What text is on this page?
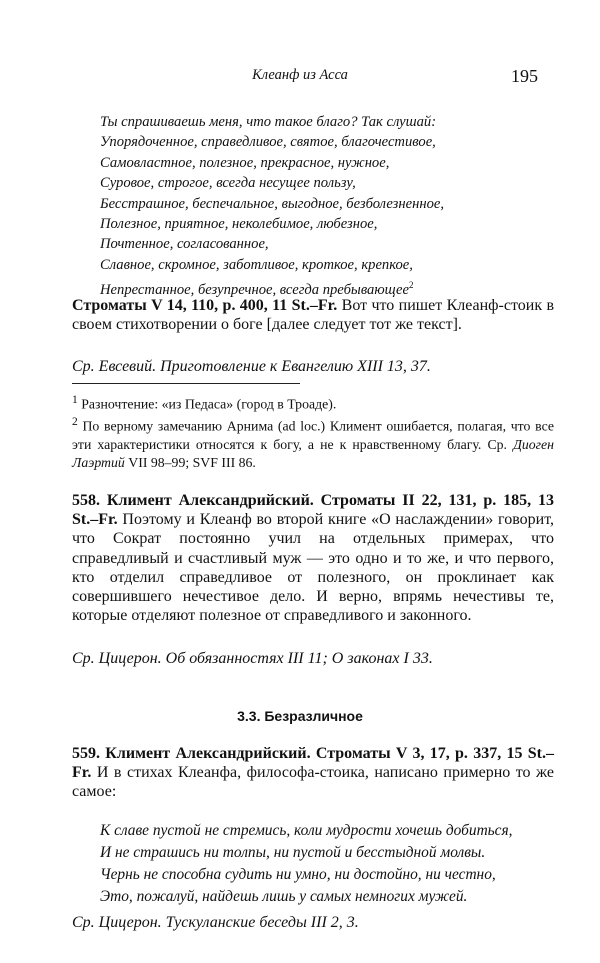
Клеанф из Асса	195
Ты спрашиваешь меня, что такое благо? Так слушай:
Упорядоченное, справедливое, святое, благочестивое,
Самовластное, полезное, прекрасное, нужное,
Суровое, строгое, всегда несущее пользу,
Бесстрашное, беспечальное, выгодное, безболезненное,
Полезное, приятное, неколебимое, любезное,
Почтенное, согласованное,
Славное, скромное, заботливое, кроткое, крепкое,
Непрестанное, безупречное, всегда пребывающее$^2$
Строматы V 14, 110, p. 400, 11 St.–Fr. Вот что пишет Клеанф-стоик в своем стихотворении о боге [далее следует тот же текст].
Ср. Евсевий. Приготовление к Евангелию XIII 13, 37.
$^1$ Разночтение: «из Педаса» (город в Троаде).
$^2$ По верному замечанию Арнима (ad loc.) Климент ошибается, полагая, что все эти характеристики относятся к богу, а не к нравственному благу. Ср. Диоген Лаэртий VII 98–99; SVF III 86.
558. Климент Александрийский. Строматы II 22, 131, p. 185, 13 St.–Fr. Поэтому и Клеанф во второй книге «О наслаждении» говорит, что Сократ постоянно учил на отдельных примерах, что справедливый и счастливый муж — это одно и то же, и что первого, кто отделил справедливое от полезного, он проклинает как совершившего нечестивое дело. И верно, впрямь нечестивы те, которые отделяют полезное от справедливого и законного.
Ср. Цицерон. Об обязанностях III 11; О законах I 33.
3.3. Безразличное
559. Климент Александрийский. Строматы V 3, 17, p. 337, 15 St.–Fr. И в стихах Клеанфа, философа-стоика, написано примерно то же самое:
К славе пустой не стремись, коли мудрости хочешь добиться,
И не страшись ни толпы, ни пустой и бесстыдной молвы.
Чернь не способна судить ни умно, ни достойно, ни честно,
Это, пожалуй, найдешь лишь у самых немногих мужей.
Ср. Цицерон. Тускуланские беседы III 2, 3.
